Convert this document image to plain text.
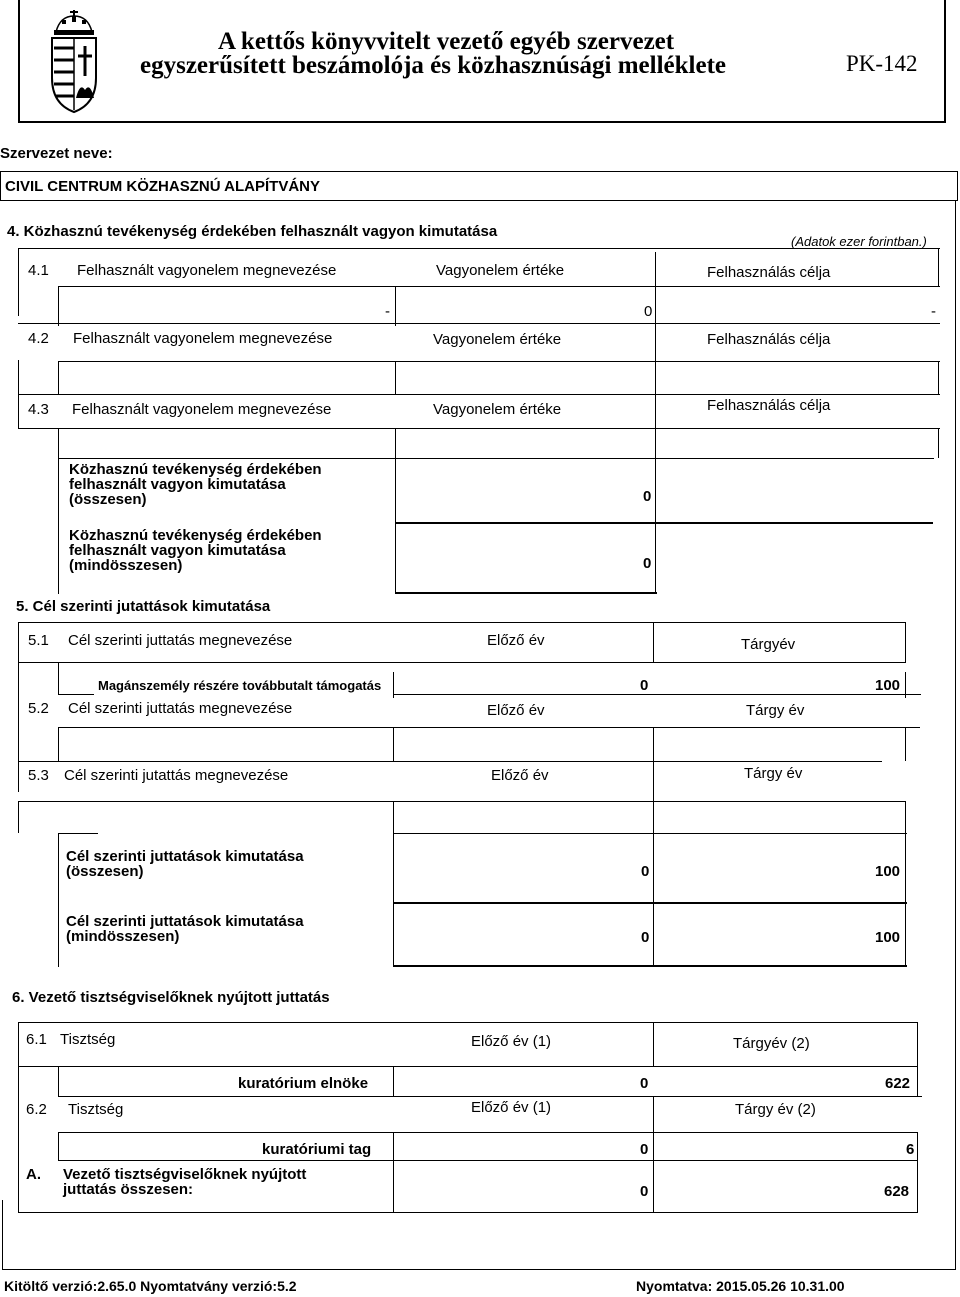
A kettős könyvvitelt vezető egyéb szervezet
egyszerűsített beszámolója és közhasznúsági melléklete	PK-142
Szervezet neve:
CIVIL CENTRUM KÖZHASZNÚ ALAPÍTVÁNY
4. Közhasznú tevékenység érdekében felhasznált vagyon kimutatása
(Adatok ezer forintban.)
4.1 Felhasznált vagyonelem megnevezése	Vagyonelem értéke	Felhasználás célja
-	0	-
4.2 Felhasznált vagyonelem megnevezése	Vagyonelem értéke	Felhasználás célja
4.3 Felhasznált vagyonelem megnevezése	Vagyonelem értéke	Felhasználás célja
Közhasznú tevékenység érdekében
felhasznált vagyon kimutatása
(összesen)	0
Közhasznú tevékenység érdekében
felhasznált vagyon kimutatása
(mindösszesen)	0
5. Cél szerinti jutattások kimutatása
5.1 Cél szerinti juttatás megnevezése	Előző év	Tárgyév
Magánszemély részére továbbutalt támogatás	0	100
5.2 Cél szerinti juttatás megnevezése	Előző év	Tárgy év
5.3 Cél szerinti jutattás megnevezése	Előző év	Tárgy év
Cél szerinti juttatások kimutatása
(összesen)	0	100
Cél szerinti juttatások kimutatása
(mindösszesen)	0	100
6. Vezető tisztségviselőknek nyújtott juttatás
6.1 Tisztség	Előző év (1)	Tárgyév (2)
kuratórium elnöke	0	622
6.2 Tisztség	Előző év (1)	Tárgy év (2)
kuratóriumi tag	0	6
A. Vezető tisztségviselőknek nyújtott
juttatás összesen:	0	628
Kitöltő verzió:2.65.0 Nyomtatvány verzió:5.2	Nyomtatva: 2015.05.26 10.31.00
